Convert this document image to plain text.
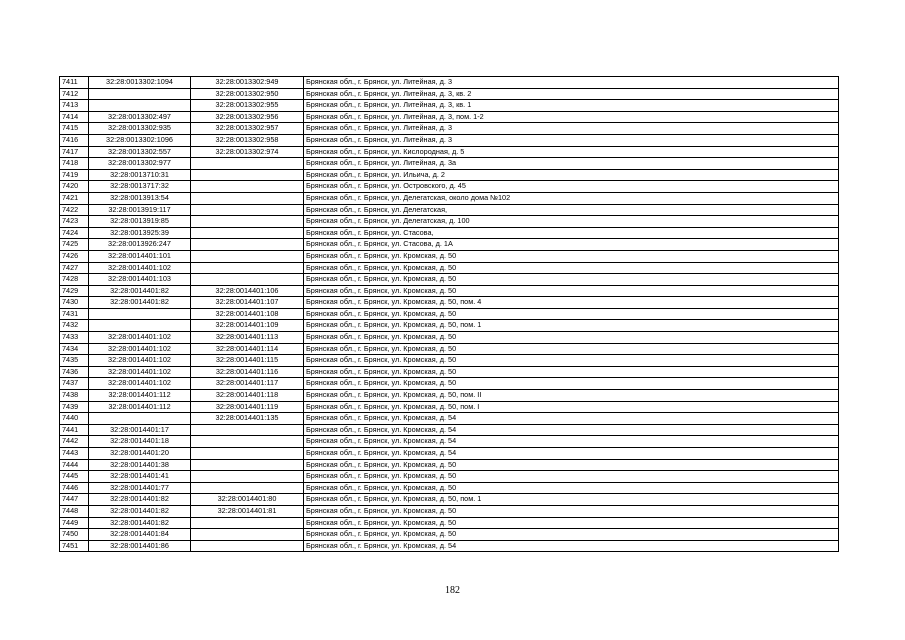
7411	32:28:0013302:1094	32:28:0013302:949	Брянская обл., г. Брянск, ул. Литейная, д. 3
7412		32:28:0013302:950	Брянская обл., г. Брянск, ул. Литейная, д. 3, кв. 2
7413		32:28:0013302:955	Брянская обл., г. Брянск, ул. Литейная, д. 3, кв. 1
7414	32:28:0013302:497	32:28:0013302:956	Брянская обл., г. Брянск, ул. Литейная, д. 3, пом. 1-2
7415	32:28:0013302:935	32:28:0013302:957	Брянская обл., г. Брянск, ул. Литейная, д. 3
7416	32:28:0013302:1096	32:28:0013302:958	Брянская обл., г. Брянск, ул. Литейная, д. 3
7417	32:28:0013302:557	32:28:0013302:974	Брянская обл., г. Брянск, ул. Кислородная, д. 5
7418	32:28:0013302:977		Брянская обл., г. Брянск, ул. Литейная, д. 3а
7419	32:28:0013710:31		Брянская обл., г. Брянск, ул. Ильича, д. 2
7420	32:28:0013717:32		Брянская обл., г. Брянск, ул. Островского, д. 45
7421	32:28:0013913:54		Брянская обл., г. Брянск, ул. Делегатская, около дома №102
7422	32:28:0013919:117		Брянская обл., г. Брянск, ул. Делегатская,
7423	32:28:0013919:85		Брянская обл., г. Брянск, ул. Делегатская, д. 100
7424	32:28:0013925:39		Брянская обл., г. Брянск, ул. Стасова,
7425	32:28:0013926:247		Брянская обл., г. Брянск, ул. Стасова, д. 1А
7426	32:28:0014401:101		Брянская обл., г. Брянск, ул. Кромская, д. 50
7427	32:28:0014401:102		Брянская обл., г. Брянск, ул. Кромская, д. 50
7428	32:28:0014401:103		Брянская обл., г. Брянск, ул. Кромская, д. 50
7429	32:28:0014401:82	32:28:0014401:106	Брянская обл., г. Брянск, ул. Кромская, д. 50
7430	32:28:0014401:82	32:28:0014401:107	Брянская обл., г. Брянск, ул. Кромская, д. 50, пом. 4
7431		32:28:0014401:108	Брянская обл., г. Брянск, ул. Кромская, д. 50
7432		32:28:0014401:109	Брянская обл., г. Брянск, ул. Кромская, д. 50, пом. 1
7433	32:28:0014401:102	32:28:0014401:113	Брянская обл., г. Брянск, ул. Кромская, д. 50
7434	32:28:0014401:102	32:28:0014401:114	Брянская обл., г. Брянск, ул. Кромская, д. 50
7435	32:28:0014401:102	32:28:0014401:115	Брянская обл., г. Брянск, ул. Кромская, д. 50
7436	32:28:0014401:102	32:28:0014401:116	Брянская обл., г. Брянск, ул. Кромская, д. 50
7437	32:28:0014401:102	32:28:0014401:117	Брянская обл., г. Брянск, ул. Кромская, д. 50
7438	32:28:0014401:112	32:28:0014401:118	Брянская обл., г. Брянск, ул. Кромская, д. 50, пом. II
7439	32:28:0014401:112	32:28:0014401:119	Брянская обл., г. Брянск, ул. Кромская, д. 50, пом. I
7440		32:28:0014401:135	Брянская обл., г. Брянск, ул. Кромская, д. 54
7441	32:28:0014401:17		Брянская обл., г. Брянск, ул. Кромская, д. 54
7442	32:28:0014401:18		Брянская обл., г. Брянск, ул. Кромская, д. 54
7443	32:28:0014401:20		Брянская обл., г. Брянск, ул. Кромская, д. 54
7444	32:28:0014401:38		Брянская обл., г. Брянск, ул. Кромская, д. 50
7445	32:28:0014401:41		Брянская обл., г. Брянск, ул. Кромская, д. 50
7446	32:28:0014401:77		Брянская обл., г. Брянск, ул. Кромская, д. 50
7447	32:28:0014401:82	32:28:0014401:80	Брянская обл., г. Брянск, ул. Кромская, д. 50, пом. 1
7448	32:28:0014401:82	32:28:0014401:81	Брянская обл., г. Брянск, ул. Кромская, д. 50
7449	32:28:0014401:82		Брянская обл., г. Брянск, ул. Кромская, д. 50
7450	32:28:0014401:84		Брянская обл., г. Брянск, ул. Кромская, д. 50
7451	32:28:0014401:86		Брянская обл., г. Брянск, ул. Кромская, д. 54
182
